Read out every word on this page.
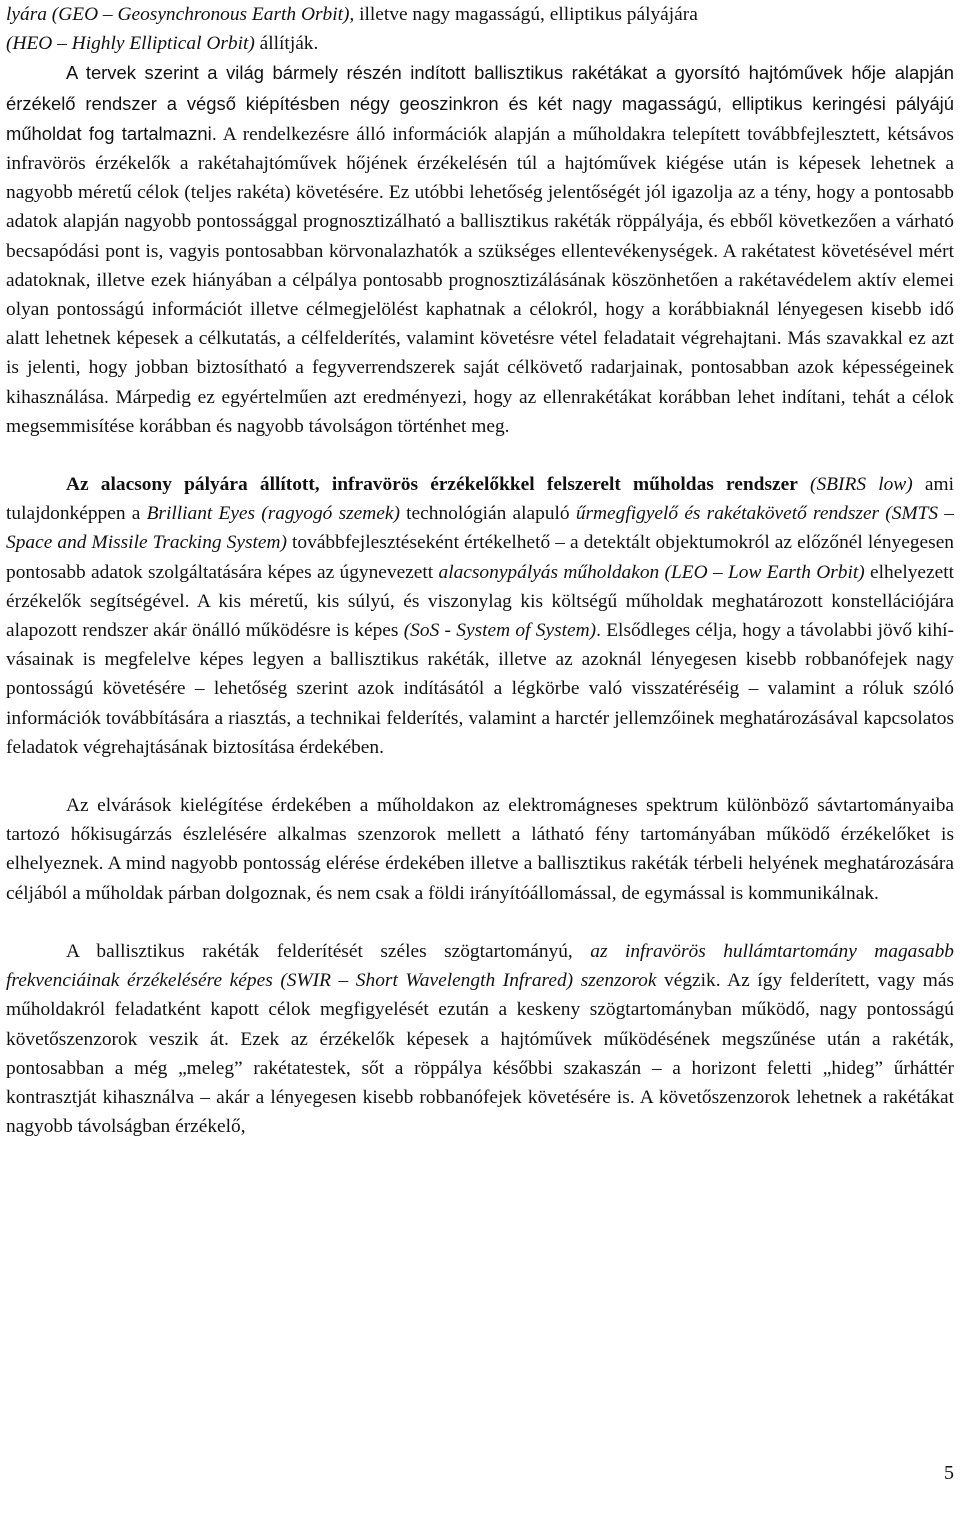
lyára (GEO – Geosynchronous Earth Orbit), illetve nagy magasságú, elliptikus pályájára
(HEO – Highly Elliptical Orbit) állítják.

A tervek szerint a világ bármely részén indított ballisztikus rakétákat a gyorsító hajtóművek hője alapján érzékelő rendszer a végső kiépítésben négy geoszinkron és két nagy magasságú, elliptikus keringési pályájú műholdat fog tartalmazni. A rendelkezésre álló információk alapján a műholdakra telepített továbbfejlesztett, kétsávos infravörös érzékelők a rakétahajtóművek hőjének érzékelésén túl a hajtóművek kiégése után is képesek lehetnek a nagyobb méretű célok (teljes rakéta) követésére. Ez utóbbi lehetőség jelentőségét jól igazolja az a tény, hogy a pontosabb adatok alapján nagyobb pontossággal prognosztizálható a ballisztikus rakéták röppályája, és ebből következően a várható becsapódási pont is, vagyis pontosabban körvonalazhatók a szükséges ellentevékenységek. A rakétatest követésével mért adatoknak, illetve ezek hiányában a célpálya pontosabb prognosztizálásának köszönhetően a rakétavédelem aktív elemei olyan pontosságú információt illetve célmegjelölést kaphatnak a célokról, hogy a korábbiaknál lényegesen kisebb idő alatt lehetnek képesek a célkutatás, a célfelderítés, valamint követésre vétel feladatait végrehajtani. Más szavakkal ez azt is jelenti, hogy jobban biztosítható a fegyverrendszerek saját célkövető radarjainak, pontosabban azok képességeinek kihasználása. Márpedig ez egyértelműen azt eredményezi, hogy az ellenrakétákat korábban lehet indítani, tehát a célok megsemmisítése korábban és nagyobb távolságon történhet meg.

Az alacsony pályára állított, infravörös érzékelőkkel felszerelt műholdas rendszer (SBIRS low) ami tulajdonképpen a Brilliant Eyes (ragyogó szemek) technológián alapuló űrmegfigyelő és rakétakövető rendszer (SMTS – Space and Missile Tracking System) továbbfejlesztéseként értékelhető – a detektált objektumokról az előzőnél lényegesen pontosabb adatok szolgáltatására képes az úgynevezett alacsonypályás műholdakon (LEO – Low Earth Orbit) elhelyezett érzékelők segítségével. A kis méretű, kis súlyú, és viszonylag kis költségű műholdak meghatározott konstellációjára alapozott rendszer akár önálló működésre is képes (SoS - System of System). Elsődleges célja, hogy a távolabbi jövő kihívásainak is megfelelve képes legyen a ballisztikus rakéták, illetve az azoknál lényegesen kisebb robbanófejek nagy pontosságú követésére – lehetőség szerint azok indításától a légkörbe való visszatéréséig – valamint a róluk szóló információk továbbítására a riasztás, a technikai felderítés, valamint a harctér jellemzőinek meghatározásával kapcsolatos feladatok végrehajtásának biztosítása érdekében.

Az elvárások kielégítése érdekében a műholdakon az elektromágneses spektrum különböző sávtartományaiba tartozó hőkisugárzás észlelésére alkalmas szenzorok mellett a látható fény tartományában működő érzékelőket is elhelyeznek. A mind nagyobb pontosság elérése érdekében illetve a ballisztikus rakéták térbeli helyének meghatározására céljából a műholdak párban dolgoznak, és nem csak a földi irányítóállomással, de egymással is kommunikálnak.

A ballisztikus rakéták felderítését széles szögtartományú, az infravörös hullámtartomány magasabb frekvenciáinak érzékelésére képes (SWIR – Short Wavelength Infrared) szenzorok végzik. Az így felderített, vagy más műholdakról feladatként kapott célok megfigyelését ezután a keskeny szögtartományban működő, nagy pontosságú követőszenzorok veszik át. Ezek az érzékelők képesek a hajtóművek működésének megszűnése után a rakéták, pontosabban a még „meleg” rakétatestek, sőt a röppálya későbbi szakaszán – a horizont feletti „hideg” űrháttér kontrasztját kihasználva – akár a lényegesen kisebb robbanófejek követésére is. A követőszenzorok lehetnek a rakétákat nagyobb távolságban érzékelő,

5
